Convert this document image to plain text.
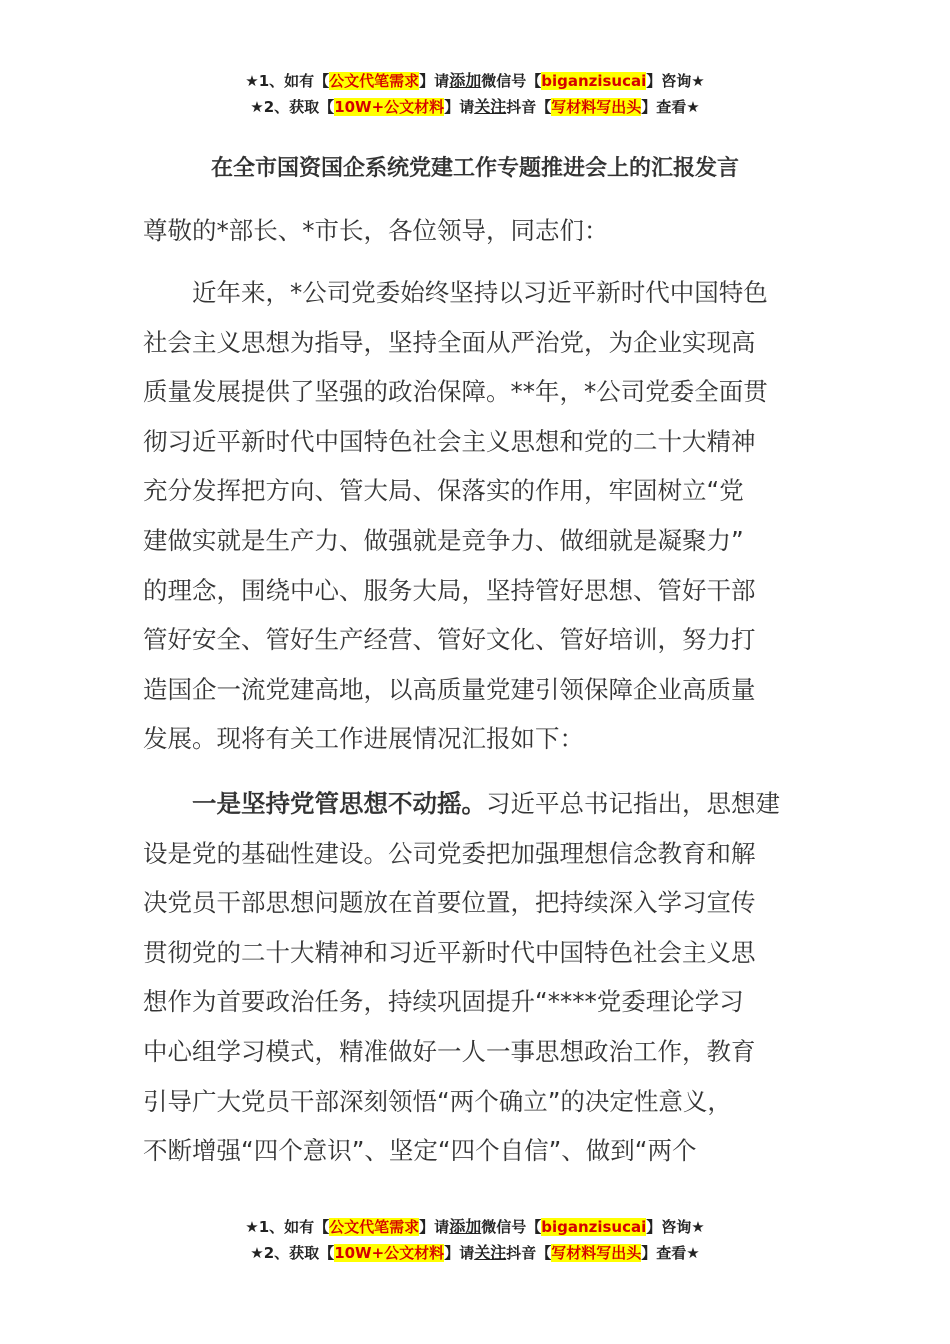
★1、如有【公文代笔需求】请添加微信号【biganzisucai】咨询★
★2、获取【10W+公文材料】请关注抖音【写材料写出头】查看★
在全市国资国企系统党建工作专题推进会上的汇报发言
尊敬的*部长、*市长，各位领导，同志们：
　　近年来，*公司党委始终坚持以习近平新时代中国特色
社会主义思想为指导，坚持全面从严治党，为企业实现高
质量发展提供了坚强的政治保障。**年，*公司党委全面贯
彻习近平新时代中国特色社会主义思想和党的二十大精神
充分发挥把方向、管大局、保落实的作用，牢固树立“党
建做实就是生产力、做强就是竞争力、做细就是凝聚力”
的理念，围绕中心、服务大局，坚持管好思想、管好干部
管好安全、管好生产经营、管好文化、管好培训，努力打
造国企一流党建高地，以高质量党建引领保障企业高质量
发展。现将有关工作进展情况汇报如下：
　　一是坚持党管思想不动摇。习近平总书记指出，思想建
设是党的基础性建设。公司党委把加强理想信念教育和解
决党员干部思想问题放在首要位置，把持续深入学习宣传
贯彻党的二十大精神和习近平新时代中国特色社会主义思
想作为首要政治任务，持续巩固提升“****党委理论学习
中心组学习模式，精准做好一人一事思想政治工作，教育
引导广大党员干部深刻领悟“两个确立”的决定性意义，
不断增强“四个意识”、坚定“四个自信”、做到“两个
★1、如有【公文代笔需求】请添加微信号【biganzisucai】咨询★
★2、获取【10W+公文材料】请关注抖音【写材料写出头】查看★
